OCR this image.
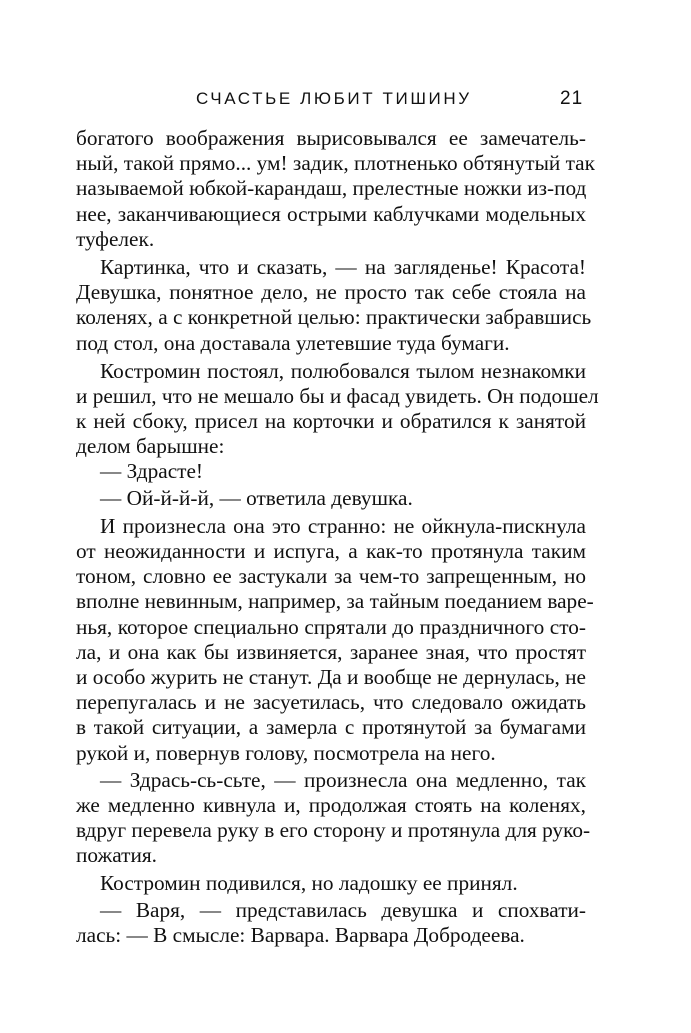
СЧАСТЬЕ ЛЮБИТ ТИШИНУ	21
богатого воображения вырисовывался ее замечатель-
ный, такой прямо... ум! задик, плотненько обтянутый так
называемой юбкой-карандаш, прелестные ножки из-под
нее, заканчивающиеся острыми каблучками модельных
туфелек.
Картинка, что и сказать, — на загляденье! Красота!
Девушка, понятное дело, не просто так себе стояла на
коленях, а с конкретной целью: практически забравшись
под стол, она доставала улетевшие туда бумаги.
Костромин постоял, полюбовался тылом незнакомки
и решил, что не мешало бы и фасад увидеть. Он подошел
к ней сбоку, присел на корточки и обратился к занятой
делом барышне:
— Здрасте!
— Ой-й-й-й, — ответила девушка.
И произнесла она это странно: не ойкнула-пискнула
от неожиданности и испуга, а как-то протянула таким
тоном, словно ее застукали за чем-то запрещенным, но
вполне невинным, например, за тайным поеданием варе-
нья, которое специально спрятали до праздничного сто-
ла, и она как бы извиняется, заранее зная, что простят
и особо журить не станут. Да и вообще не дернулась, не
перепугалась и не засуетилась, что следовало ожидать
в такой ситуации, а замерла с протянутой за бумагами
рукой и, повернув голову, посмотрела на него.
— Здрась-сь-сьте, — произнесла она медленно, так
же медленно кивнула и, продолжая стоять на коленях,
вдруг перевела руку в его сторону и протянула для руко-
пожатия.
Костромин подивился, но ладошку ее принял.
— Варя, — представилась девушка и спохвати-
лась: — В смысле: Варвара. Варвара Добродеева.
